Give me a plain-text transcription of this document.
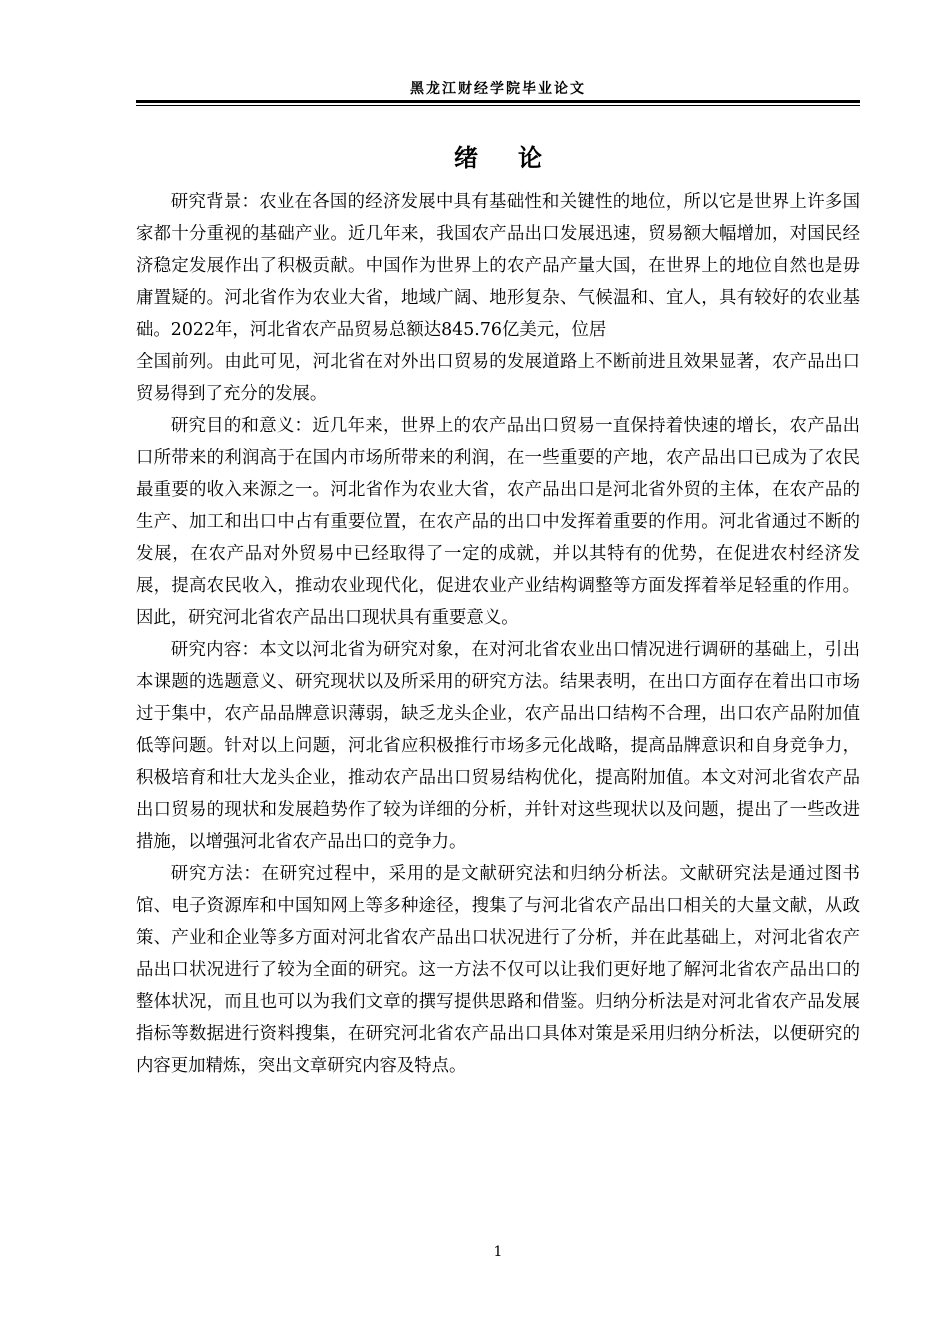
黑龙江财经学院毕业论文
绪论

研究背景：农业在各国的经济发展中具有基础性和关键性的地位，所以它是世界上许多国家都十分重视的基础产业。近几年来，我国农产品出口发展迅速，贸易额大幅增加，对国民经济稳定发展作出了积极贡献。中国作为世界上的农产品产量大国，在世界上的地位自然也是毋庸置疑的。河北省作为农业大省，地域广阔、地形复杂、气候温和、宜人，具有较好的农业基础。2022年，河北省农产品贸易总额达845.76亿美元，位居

全国前列。由此可见，河北省在对外出口贸易的发展道路上不断前进且效果显著，农产品出口贸易得到了充分的发展。

研究目的和意义：近几年来，世界上的农产品出口贸易一直保持着快速的增长，农产品出口所带来的利润高于在国内市场所带来的利润，在一些重要的产地，农产品出口已成为了农民最重要的收入来源之一。河北省作为农业大省，农产品出口是河北省外贸的主体，在农产品的生产、加工和出口中占有重要位置，在农产品的出口中发挥着重要的作用。河北省通过不断的发展，在农产品对外贸易中已经取得了一定的成就，并以其特有的优势，在促进农村经济发展，提高农民收入，推动农业现代化，促进农业产业结构调整等方面发挥着举足轻重的作用。因此，研究河北省农产品出口现状具有重要意义。

研究内容：本文以河北省为研究对象，在对河北省农业出口情况进行调研的基础上，引出本课题的选题意义、研究现状以及所采用的研究方法。结果表明，在出口方面存在着出口市场过于集中，农产品品牌意识薄弱，缺乏龙头企业，农产品出口结构不合理，出口农产品附加值低等问题。针对以上问题，河北省应积极推行市场多元化战略，提高品牌意识和自身竞争力，积极培育和壮大龙头企业，推动农产品出口贸易结构优化，提高附加值。本文对河北省农产品出口贸易的现状和发展趋势作了较为详细的分析，并针对这些现状以及问题，提出了一些改进措施，以增强河北省农产品出口的竞争力。

研究方法：在研究过程中，采用的是文献研究法和归纳分析法。文献研究法是通过图书馆、电子资源库和中国知网上等多种途径，搜集了与河北省农产品出口相关的大量文献，从政策、产业和企业等多方面对河北省农产品出口状况进行了分析，并在此基础上，对河北省农产品出口状况进行了较为全面的研究。这一方法不仅可以让我们更好地了解河北省农产品出口的整体状况，而且也可以为我们文章的撰写提供思路和借鉴。归纳分析法是对河北省农产品发展指标等数据进行资料搜集，在研究河北省农产品出口具体对策是采用归纳分析法，以便研究的内容更加精炼，突出文章研究内容及特点。

1
